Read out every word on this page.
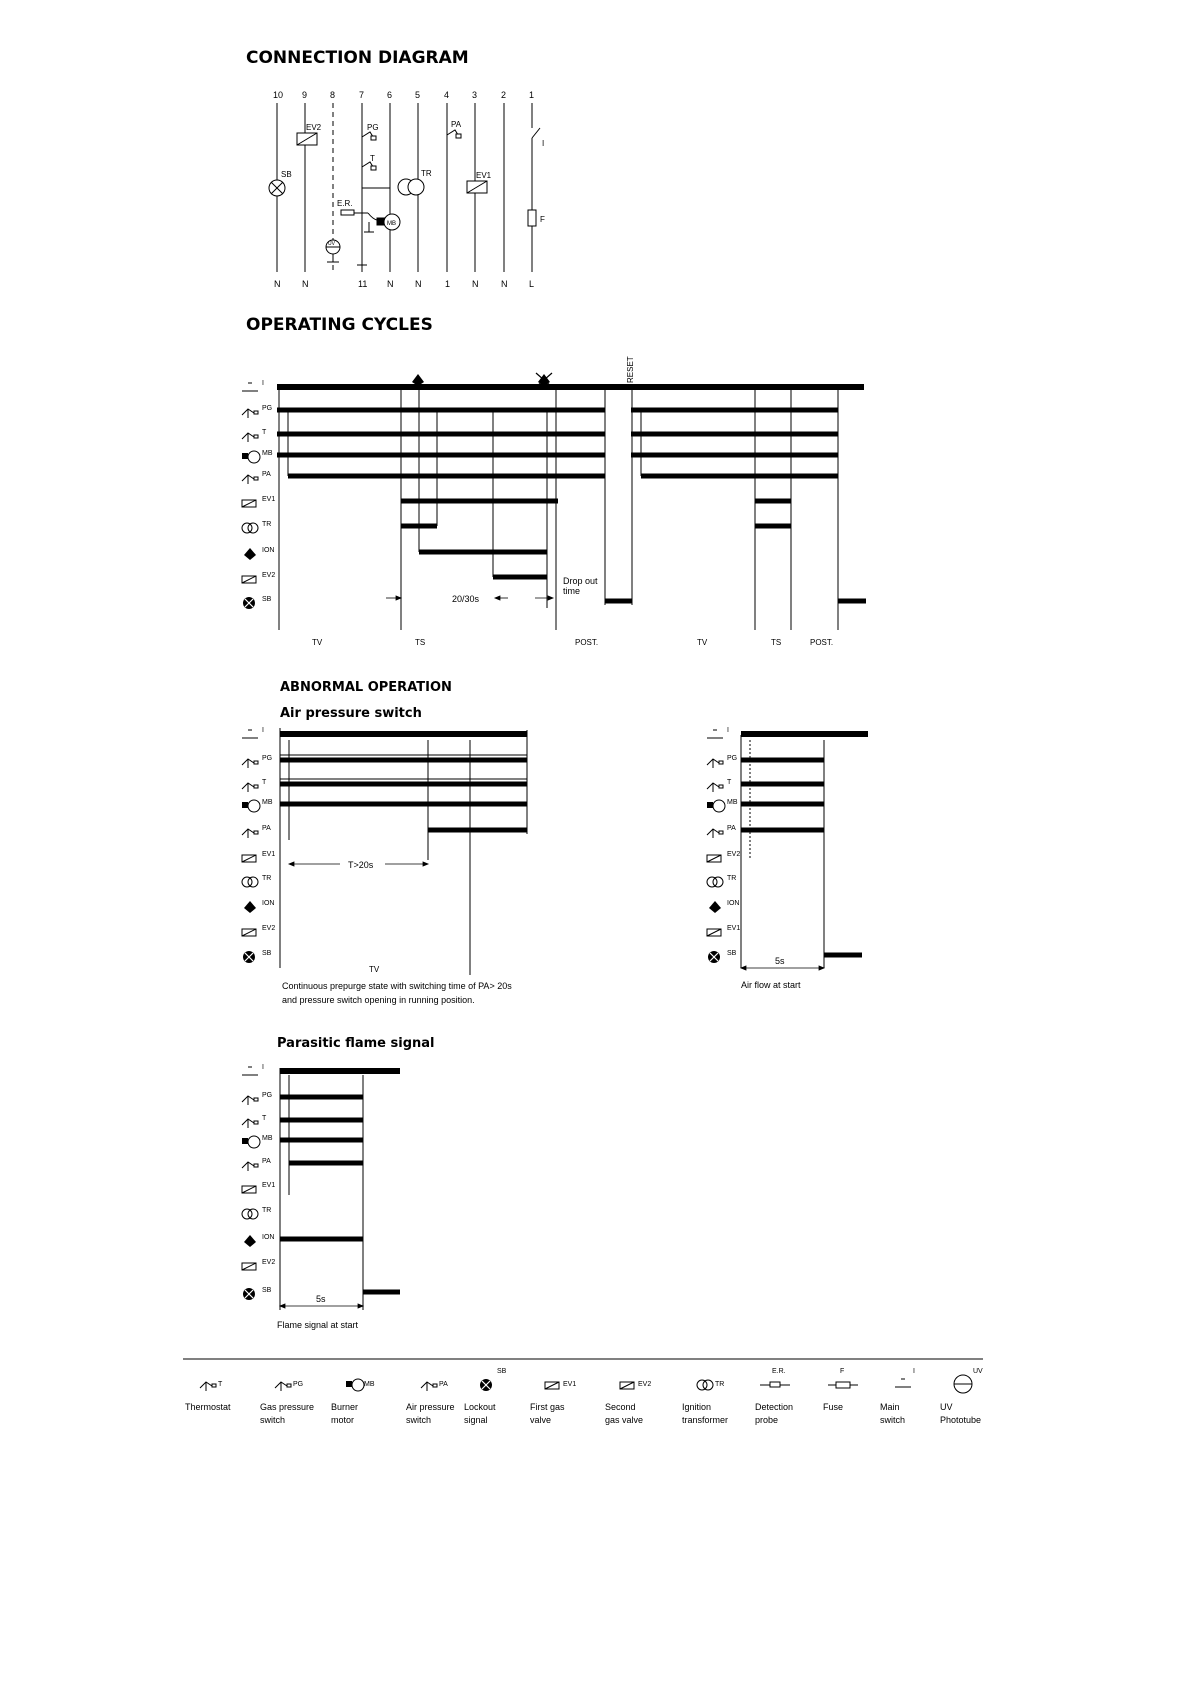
CONNECTION DIAGRAM
10 9	8	7	6	5	4	3	2	1
N N	11 N N	1 N	N L
SB
EV2	PG
T
PA
TR	EV1
I
F
E.R.
MB
UV
OPERATING CYCLES
RESET
I
PG
T
MB
PA
EV1
TR
ION
EV2
SB	20/30s
Drop out
time
TV	TS	POST.	TV	TS	POST.
ABNORMAL OPERATION
Air pressure switch
I
PG
T
MB
PA
EV1
TR
ION
EV2
SB
T>20s
TV
Continuous prepurge state with switching time of PA> 20s
and pressure switch opening in running position.
I
PG
T
MB
PA
EV2
TR
ION
EV1
SB
5s
Air flow at start
Parasitic flame signal
I
PG
T
MB
PA
EV1
TR
ION
EV2
SB
5s
Flame signal at start
T
Thermostat
PG
Gas pressure
switch
MB
Burner
motor
PA
Air pressure
switch
SB
Lockout
signal
EV1
First gas
valve
EV2
Second
gas valve
TR
Ignition
transformer
E.R.
Detection
probe
F
Fuse
I
Main
switch
UV
UV
Phototube
